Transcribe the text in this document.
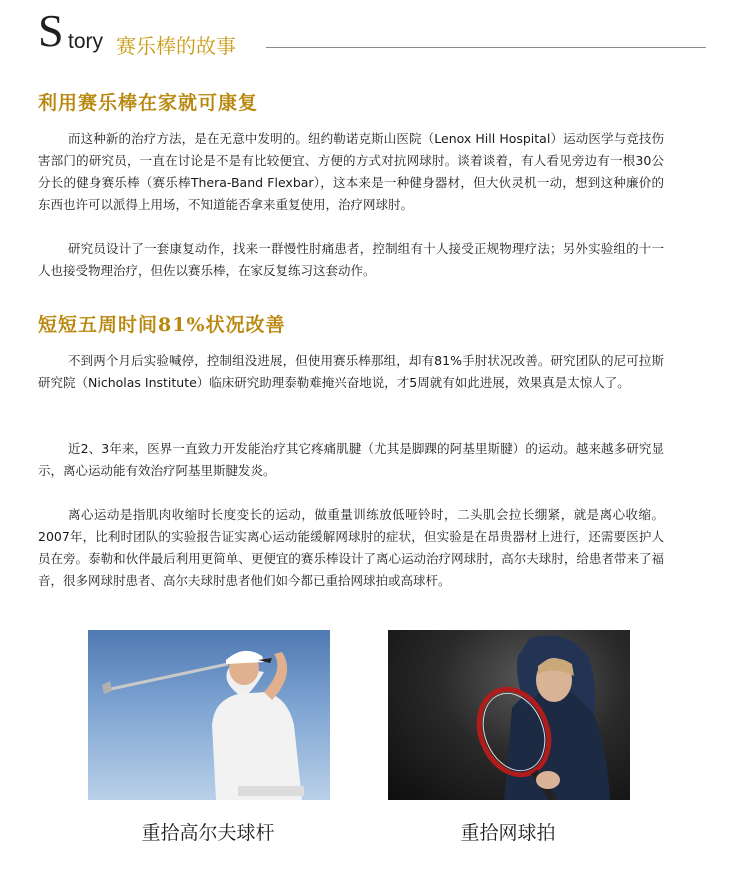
S tory 赛乐棒的故事
利用赛乐棒在家就可康复

而这种新的治疗方法，是在无意中发明的。纽约勒诺克斯山医院（Lenox Hill Hospital）运动医学与竞技伤害部门的研究员，一直在讨论是不是有比较便宜、方便的方式对抗网球肘。谈着谈着，有人看见旁边有一根30公分长的健身赛乐棒（赛乐棒Thera-Band Flexbar），这本来是一种健身器材，但大伙灵机一动，想到这种廉价的东西也许可以派得上用场，不知道能否拿来重复使用，治疗网球肘。

研究员设计了一套康复动作，找来一群慢性肘痛患者，控制组有十人接受正规物理疗法；另外实验组的十一人也接受物理治疗，但佐以赛乐棒，在家反复练习这套动作。

短短五周时间81%状况改善

不到两个月后实验喊停，控制组没进展，但使用赛乐棒那组，却有81%手肘状况改善。研究团队的尼可拉斯研究院（Nicholas Institute）临床研究助理泰勒难掩兴奋地说，才5周就有如此进展，效果真是太惊人了。

近2、3年来，医界一直致力开发能治疗其它疼痛肌腱（尤其是脚踝的阿基里斯腱）的运动。越来越多研究显示，离心运动能有效治疗阿基里斯腱发炎。

离心运动是指肌肉收缩时长度变长的运动，做重量训练放低哑铃时，二头肌会拉长绷紧，就是离心收缩。2007年，比利时团队的实验报告证实离心运动能缓解网球肘的症状，但实验是在昂贵器材上进行，还需要医护人员在旁。泰勒和伙伴最后利用更简单、更便宜的赛乐棒设计了离心运动治疗网球肘，高尔夫球肘，给患者带来了福音，很多网球肘患者、高尔夫球肘患者他们如今都已重拾网球拍或高球杆。

重拾高尔夫球杆	重拾网球拍
